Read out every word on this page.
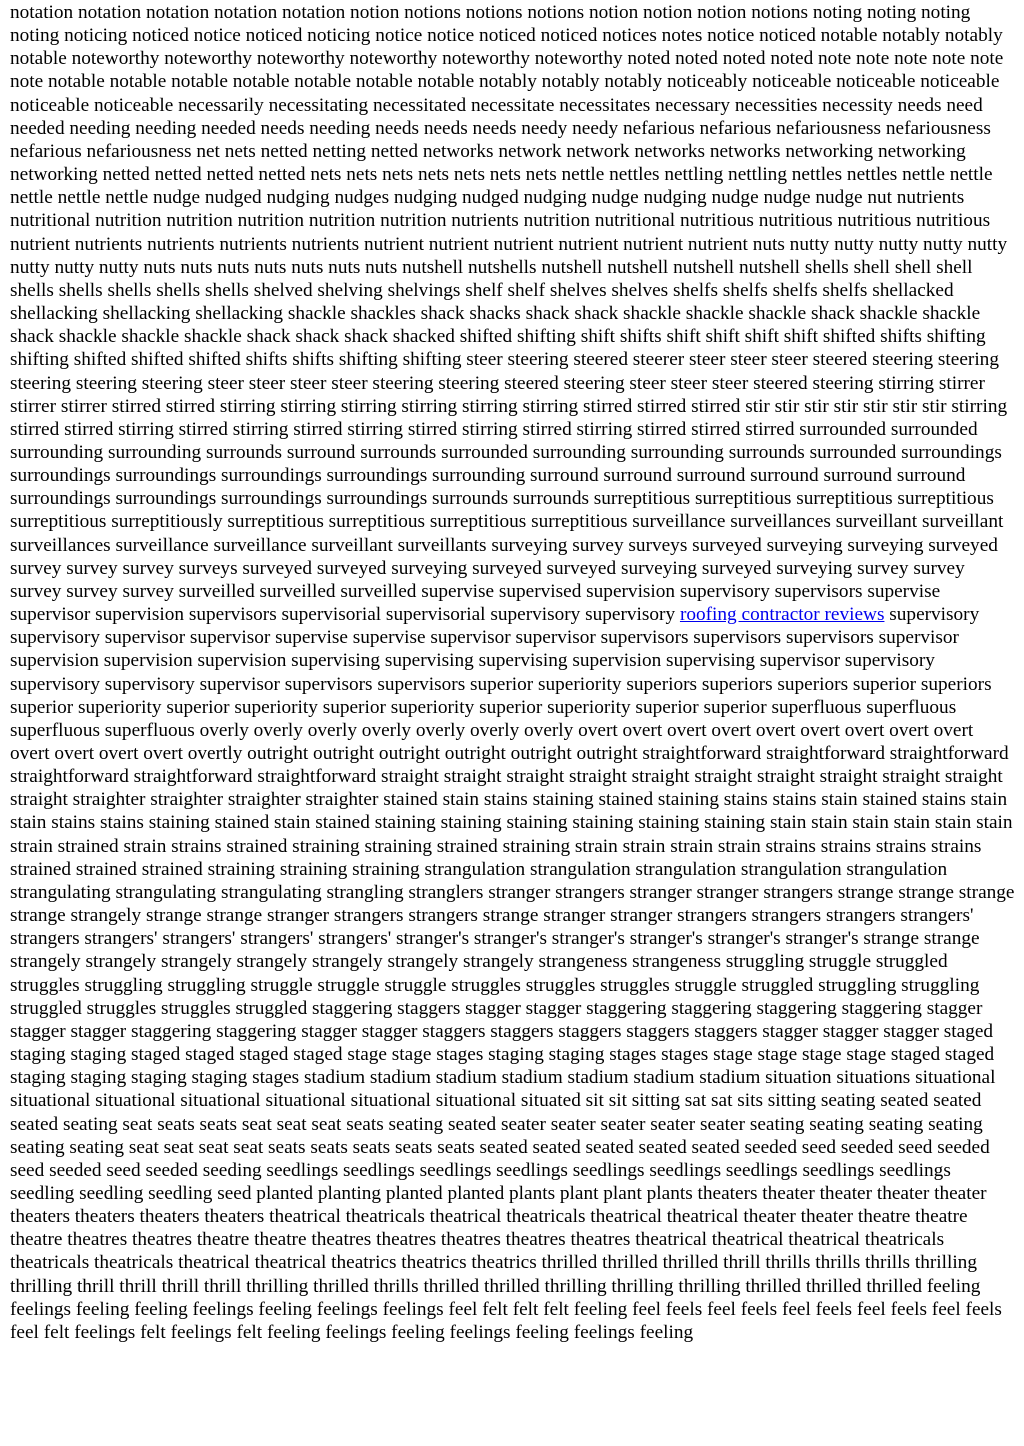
notation notation notation notation notation notion notions notions notions notion notion notion notions noting noting noting noting noticing noticed notice noticed noticing notice notice noticed noticed notices notes notice noticed notable notably notably notable noteworthy noteworthy noteworthy noteworthy noteworthy noteworthy noted noted noted noted note note note note note note notable notable notable notable notable notable notable notably notably notably noticeably noticeable noticeable noticeable noticeable noticeable necessarily necessitating necessitated necessitate necessitates necessary necessities necessity needs need needed needing needing needed needs needing needs needs needs needy needy nefarious nefarious nefariousness nefariousness nefarious nefariousness net nets netted netting netted networks network network networks networks networking networking networking netted netted netted netted nets nets nets nets nets nets nets nettle nettles nettling nettling nettles nettles nettle nettle nettle nettle nettle nudge nudged nudging nudges nudging nudged nudging nudge nudging nudge nudge nudge nut nutrients nutritional nutrition nutrition nutrition nutrition nutrition nutrients nutrition nutritional nutritious nutritious nutritious nutritious nutrient nutrients nutrients nutrients nutrients nutrient nutrient nutrient nutrient nutrient nutrient nuts nutty nutty nutty nutty nutty nutty nutty nutty nuts nuts nuts nuts nuts nuts nuts nutshell nutshells nutshell nutshell nutshell nutshell shells shell shell shell shells shells shells shells shells shelved shelving shelvings shelf shelf shelves shelves shelfs shelfs shelfs shelfs shellacked shellacking shellacking shellacking shackle shackles shack shacks shack shack shackle shackle shackle shack shackle shackle shack shackle shackle shackle shack shack shack shacked shifted shifting shift shifts shift shift shift shift shifted shifts shifting shifting shifted shifted shifted shifts shifts shifting shifting steer steering steered steerer steer steer steer steered steering steering steering steering steering steer steer steer steer steering steering steered steering steer steer steer steered steering stirring stirrer stirrer stirrer stirred stirred stirring stirring stirring stirring stirring stirring stirred stirred stirred stir stir stir stir stir stir stir stirring stirred stirred stirring stirred stirring stirred stirring stirred stirring stirred stirring stirred stirred stirred surrounded surrounded surrounding surrounding surrounds surround surrounds surrounded surrounding surrounding surrounds surrounded surroundings surroundings surroundings surroundings surroundings surrounding surround surround surround surround surround surround surroundings surroundings surroundings surroundings surrounds surrounds surreptitious surreptitious surreptitious surreptitious surreptitious surreptitiously surreptitious surreptitious surreptitious surreptitious surveillance surveillances surveillant surveillant surveillances surveillance surveillance surveillant surveillants surveying survey surveys surveyed surveying surveying surveyed survey survey survey surveys surveyed surveyed surveying surveyed surveyed surveying surveyed surveying survey survey survey survey survey surveilled surveilled surveilled supervise supervised supervision supervisory supervisors supervise supervisor supervision supervisors supervisorial supervisorial supervisory supervisory roofing contractor reviews supervisory supervisory supervisor supervisor supervise supervise supervisor supervisor supervisors supervisors supervisors supervisor supervision supervision supervision supervising supervising supervising supervision supervising supervisor supervisory supervisory supervisory supervisor supervisors supervisors superior superiority superiors superiors superiors superior superiors superior superiority superior superiority superior superiority superior superiority superior superior superfluous superfluous superfluous superfluous overly overly overly overly overly overly overly overt overt overt overt overt overt overt overt overt overt overt overt overt overtly outright outright outright outright outright outright straightforward straightforward straightforward straightforward straightforward straightforward straight straight straight straight straight straight straight straight straight straight straight straighter straighter straighter straighter stained stain stains staining stained staining stains stains stain stained stains stain stain stains stains staining stained stain stained staining staining staining staining staining staining stain stain stain stain stain stain strain strained strain strains strained straining straining strained straining strain strain strain strain strains strains strains strains strained strained strained straining straining straining strangulation strangulation strangulation strangulation strangulation strangulating strangulating strangulating strangling stranglers stranger strangers stranger stranger strangers strange strange strange strange strangely strange strange stranger strangers strangers strange stranger stranger strangers strangers strangers strangers' strangers strangers' strangers' strangers' strangers' stranger's stranger's stranger's stranger's stranger's stranger's strange strange strangely strangely strangely strangely strangely strangely strangely strangeness strangeness struggling struggle struggled struggles struggling struggling struggle struggle struggle struggles struggles struggles struggle struggled struggling struggling struggled struggles struggles struggled staggering staggers stagger stagger staggering staggering staggering staggering stagger stagger stagger staggering staggering stagger stagger staggers staggers staggers staggers staggers stagger stagger stagger staged staging staging staged staged staged staged stage stage stages staging staging stages stages stage stage stage stage staged staged staging staging staging staging stages stadium stadium stadium stadium stadium stadium stadium situation situations situational situational situational situational situational situational situational situated sit sit sitting sat sat sits sitting seating seated seated seated seating seat seats seats seat seat seat seats seating seated seater seater seater seater seater seating seating seating seating seating seating seat seat seat seat seats seats seats seats seats seated seated seated seated seated seeded seed seeded seed seeded seed seeded seed seeded seeding seedlings seedlings seedlings seedlings seedlings seedlings seedlings seedlings seedlings seedling seedling seedling seed planted planting planted planted plants plant plant plants theaters theater theater theater theater theaters theaters theaters theaters theatrical theatricals theatrical theatricals theatrical theatrical theater theater theatre theatre theatre theatres theatres theatre theatre theatres theatres theatres theatres theatres theatrical theatrical theatrical theatricals theatricals theatricals theatrical theatrical theatrics theatrics theatrics thrilled thrilled thrilled thrill thrills thrills thrills thrilling thrilling thrill thrill thrill thrill thrilling thrilled thrills thrilled thrilled thrilling thrilling thrilling thrilled thrilled thrilled feeling feelings feeling feeling feelings feeling feelings feelings feel felt felt felt feeling feel feels feel feels feel feels feel feels feel feels feel felt feelings felt feelings felt feeling feelings feeling feelings feeling feelings feeling
